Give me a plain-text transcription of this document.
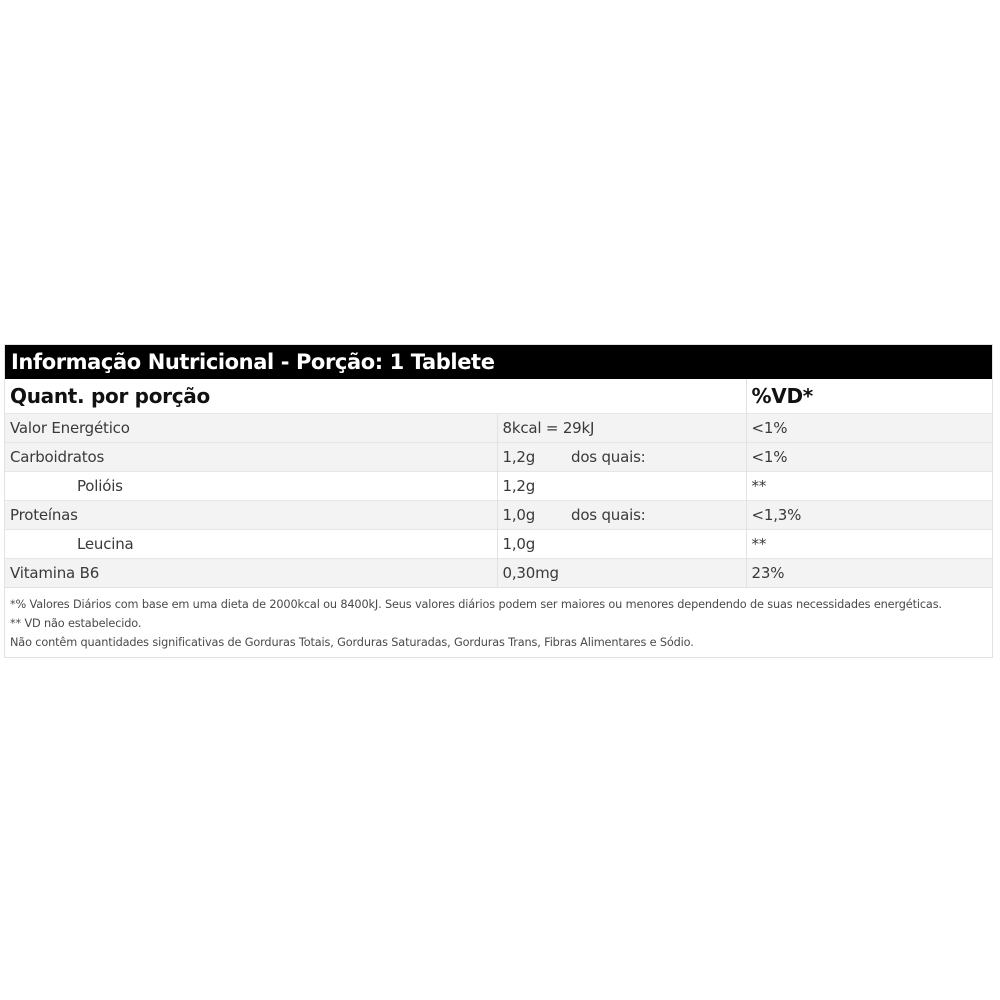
Informação Nutricional - Porção: 1 Tablete
Quant. por porção			%VD*
Valor Energético	8kcal = 29kJ		<1%
Carboidratos	1,2g	dos quais:	<1%
Polióis	1,2g		**
Proteínas	1,0g	dos quais:	<1,3%
Leucina	1,0g		**
Vitamina B6	0,30mg		23%
*% Valores Diários com base em uma dieta de 2000kcal ou 8400kJ. Seus valores diários podem ser maiores ou menores dependendo de suas necessidades energéticas.
** VD não estabelecido.
Não contêm quantidades significativas de Gorduras Totais, Gorduras Saturadas, Gorduras Trans, Fibras Alimentares e Sódio.
